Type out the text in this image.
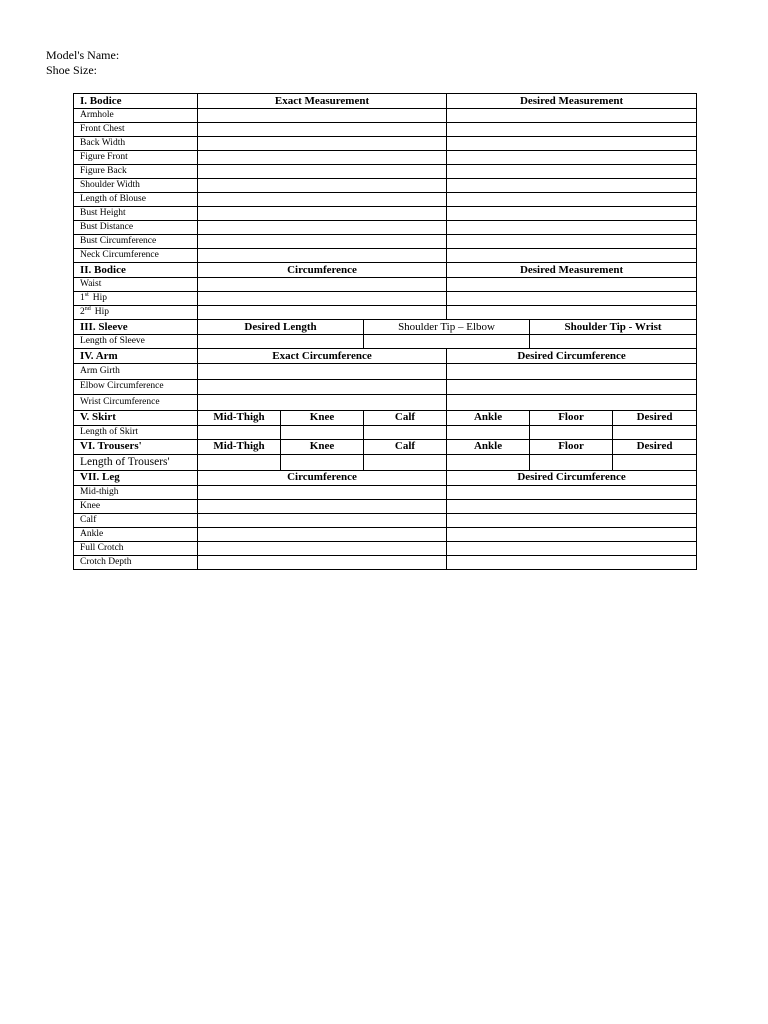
Model's Name:
Shoe Size:
I. Bodice	Exact Measurement			Desired Measurement		
Armhole						
Front Chest						
Back Width						
Figure Front						
Figure Back						
Shoulder Width						
Length of Blouse						
Bust Height						
Bust Distance						
Bust Circumference						
Neck Circumference						
II. Bodice	Circumference			Desired Measurement		
Waist						
1st Hip						
2nd Hip						
III. Sleeve	Desired Length		Shoulder Tip – Elbow		Shoulder Tip - Wrist	
Length of Sleeve						
IV. Arm	Exact Circumference			Desired Circumference		
Arm Girth						
Elbow Circumference						
Wrist Circumference						
V. Skirt	Mid-Thigh	Knee	Calf	Ankle	Floor	Desired
Length of Skirt						
VI. Trousers'	Mid-Thigh	Knee	Calf	Ankle	Floor	Desired
Length of Trousers'						
VII. Leg	Circumference			Desired Circumference		
Mid-thigh						
Knee						
Calf						
Ankle						
Full Crotch						
Crotch Depth						
